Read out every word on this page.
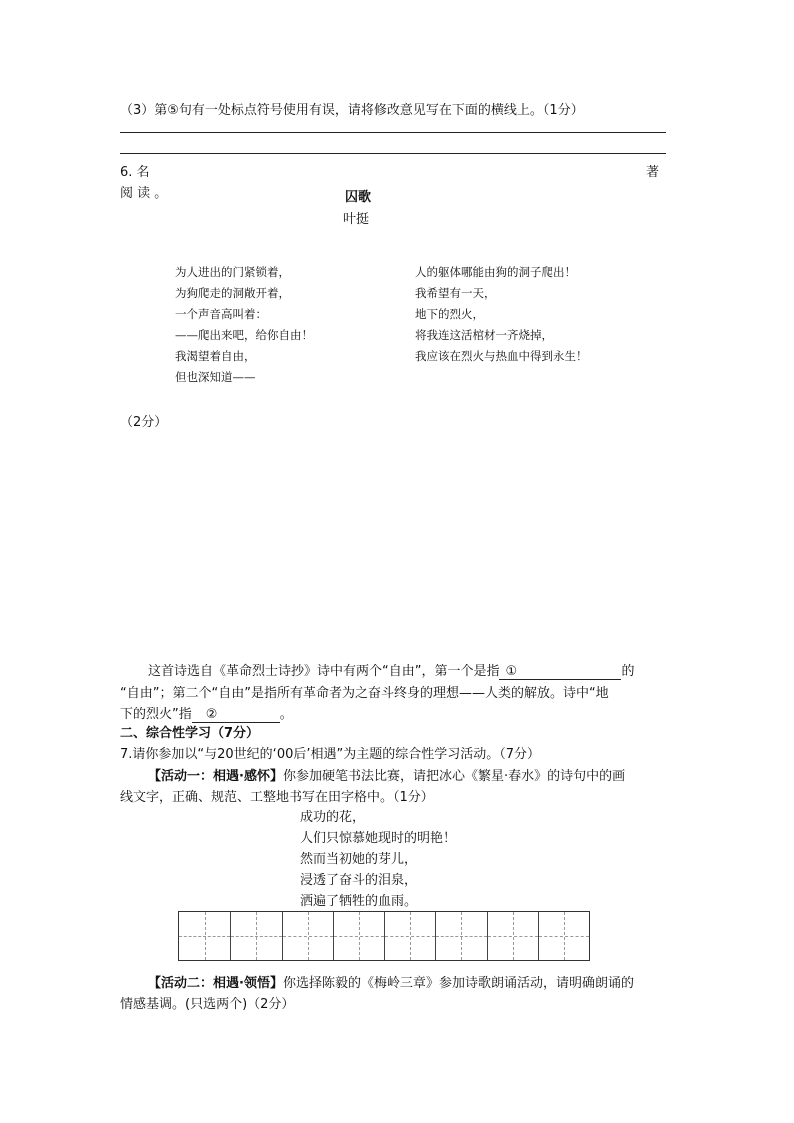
（3）第⑤句有一处标点符号使用有误，请将修改意见写在下面的横线上。（1分）
6. 名	著
阅 读 。	囚歌
叶挺
为人进出的门紧锁着，
为狗爬走的洞敞开着，
一个声音高叫着：
——爬出来吧，给你自由！
我渴望着自由，
但也深知道——
人的躯体哪能由狗的洞子爬出！
我希望有一天，
地下的烈火，
将我连这活棺材一齐烧掉，
我应该在烈火与热血中得到永生！
（2分）
这首诗选自《革命烈士诗抄》诗中有两个“自由”，第一个是指 ①	的
“自由”；第二个“自由”是指所有革命者为之奋斗终身的理想——人类的解放。诗中“地
下的烈火”指 ②	。
二、综合性学习（7分）
7.请你参加以“与20世纪的‘00后’相遇”为主题的综合性学习活动。（7分）
【活动一：相遇·感怀】你参加硬笔书法比赛，请把冰心《繁星·春水》的诗句中的画
线文字，正确、规范、工整地书写在田字格中。（1分）
成功的花，
人们只惊慕她现时的明艳！
然而当初她的芽儿，
浸透了奋斗的泪泉，
洒遍了牺牲的血雨。
【活动二：相遇·领悟】你选择陈毅的《梅岭三章》参加诗歌朗诵活动，请明确朗诵的
情感基调。(只选两个)（2分）
